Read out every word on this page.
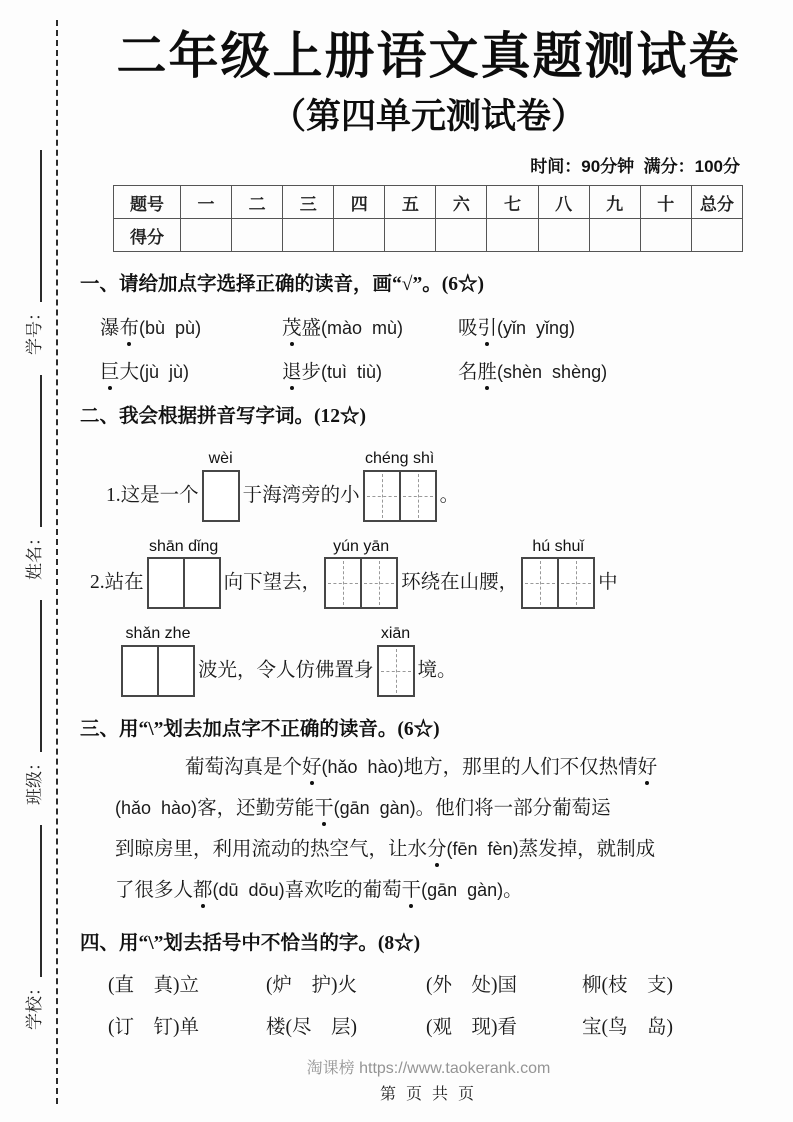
学校：
班级：
姓名：
学号：
二年级上册语文真题测试卷
（第四单元测试卷）
时间：90分钟  满分：100分
题号	一	二	三	四	五	六	七	八	九	十	总分
得分											
一、请给加点字选择正确的读音，画“√”。(6☆)
瀑布(bù  pù)	茂盛(mào  mù)	吸引(yǐn  yǐng)
巨大(jù  jù)	退步(tuì  tiù)	名胜(shèn  shèng)
二、我会根据拼音写字词。(12☆)
1.这是一个
wèi
于海湾旁的小
chéng shì
。
2.站在
shān dǐng
向下望去，
yún yān
环绕在山腰，
hú shuǐ
中
shǎn zhe
波光，令人仿佛置身
xiān
境。
三、用“\”划去加点字不正确的读音。(6☆)
葡萄沟真是个好(hǎo  hào)地方，那里的人们不仅热情好
(hǎo  hào)客，还勤劳能干(gān  gàn)。他们将一部分葡萄运
到晾房里，利用流动的热空气，让水分(fēn  fèn)蒸发掉，就制成
了很多人都(dū  dōu)喜欢吃的葡萄干(gān  gàn)。
四、用“\”划去括号中不恰当的字。(8☆)
(直　真)立	(炉　护)火	(外　处)国	柳(枝　支)
(订　钉)单	楼(尽　层)	(观　现)看	宝(鸟　岛)
淘课榜 https://www.taokerank.com
第 页 共 页
